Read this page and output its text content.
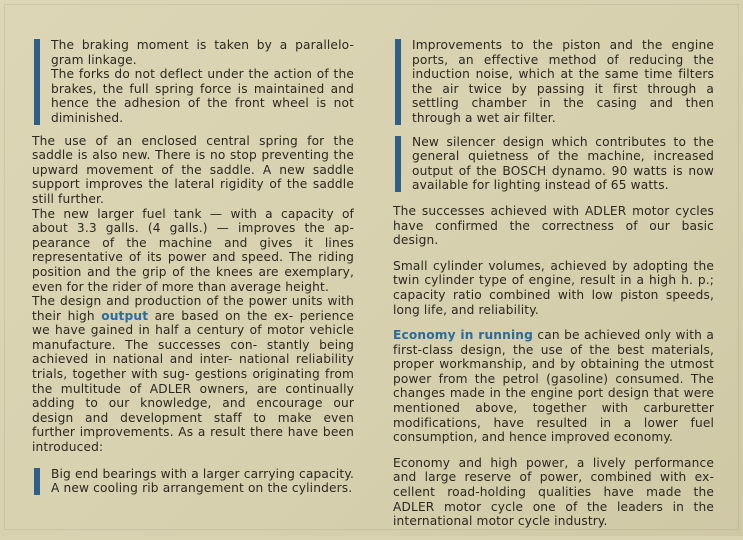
The braking moment is taken by a parallelo- gram linkage.
The forks do not deflect under the action of the brakes, the full spring force is maintained and hence the adhesion of the front wheel is not diminished.

The use of an enclosed central spring for the saddle is also new. There is no stop preventing the upward movement of the saddle. A new saddle support improves the lateral rigidity of the saddle still further.

The new larger fuel tank — with a capacity of about 3.3 galls. (4 galls.) — improves the ap- pearance of the machine and gives it lines representative of its power and speed. The riding position and the grip of the knees are exemplary, even for the rider of more than average height.

The design and production of the power units with their high output are based on the ex- perience we have gained in half a century of motor vehicle manufacture. The successes con- stantly being achieved in national and inter- national reliability trials, together with sug- gestions originating from the multitude of ADLER owners, are continually adding to our knowledge, and encourage our design and development staff to make even further improvements. As a result there have been introduced:

Big end bearings with a larger carrying capacity. A new cooling rib arrangement on the cylinders.

Improvements to the piston and the engine ports, an effective method of reducing the induction noise, which at the same time filters the air twice by passing it first through a settling chamber in the casing and then through a wet air filter.

New silencer design which contributes to the general quietness of the machine, increased output of the BOSCH dynamo. 90 watts is now available for lighting instead of 65 watts.

The successes achieved with ADLER motor cycles have confirmed the correctness of our basic design.

Small cylinder volumes, achieved by adopting the twin cylinder type of engine, result in a high h. p.; capacity ratio combined with low piston speeds, long life, and reliability.

Economy in running can be achieved only with a first-class design, the use of the best materials, proper workmanship, and by obtaining the utmost power from the petrol (gasoline) consumed. The changes made in the engine port design that were mentioned above, together with carburetter modifications, have resulted in a lower fuel consumption, and hence improved economy.

Economy and high power, a lively performance and large reserve of power, combined with ex- cellent road-holding qualities have made the ADLER motor cycle one of the leaders in the international motor cycle industry.
